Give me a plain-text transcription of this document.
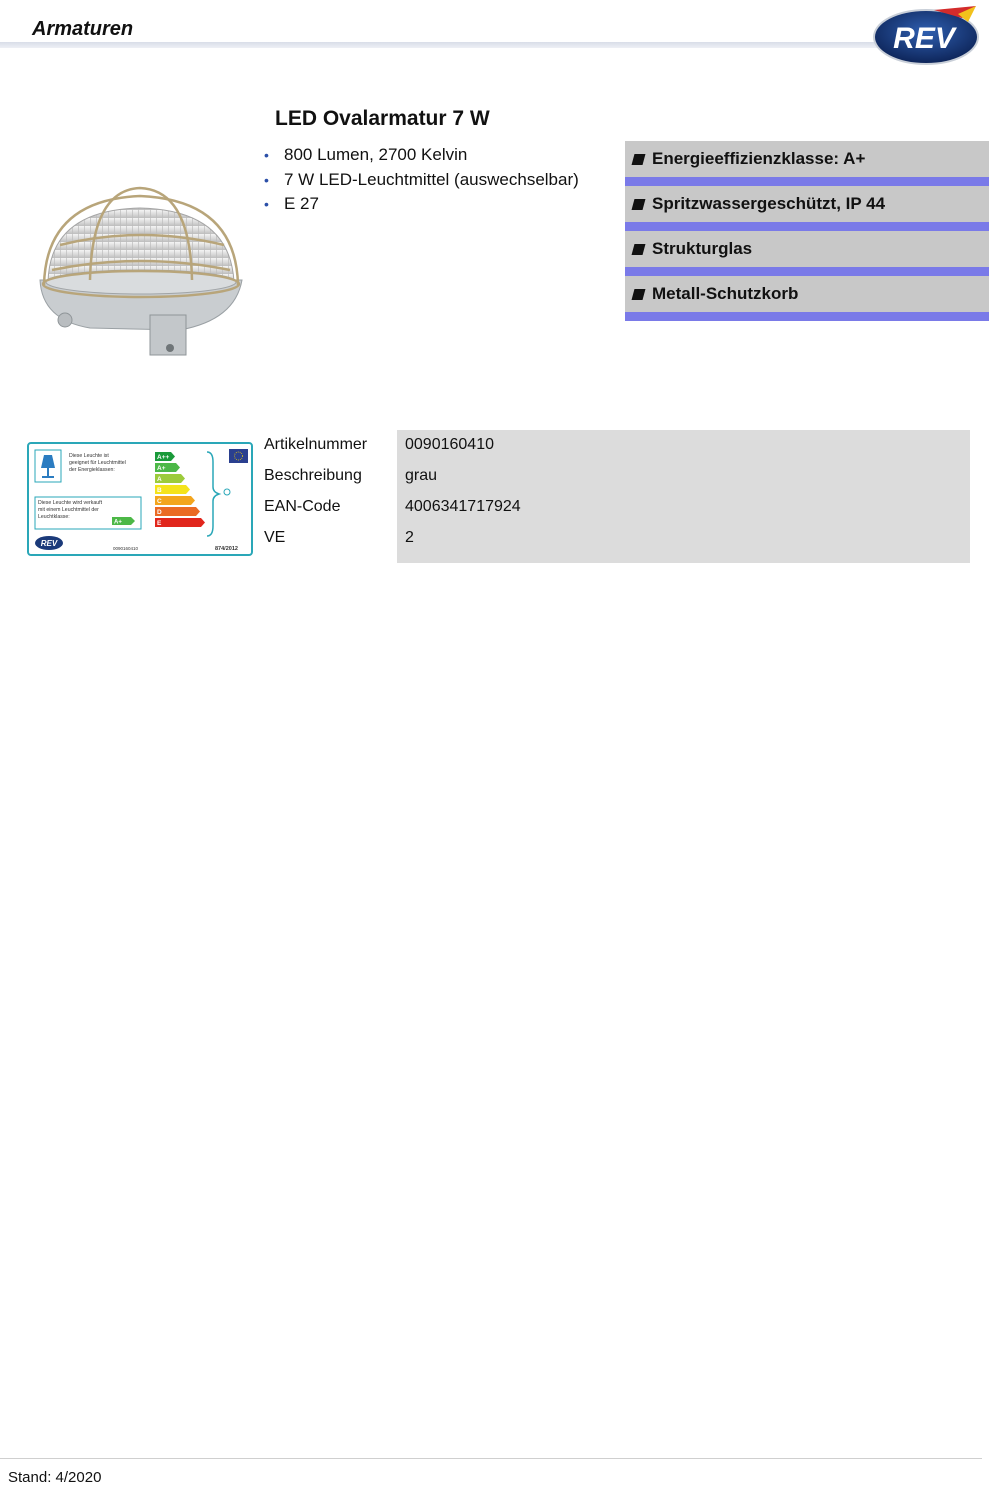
Armaturen	REV
LED Ovalarmatur 7 W
• 800 Lumen, 2700 Kelvin
• 7 W LED-Leuchtmittel (auswechselbar)
• E 27
Energieeffizienzklasse: A+
Spritzwassergeschützt, IP 44
Strukturglas
Metall-Schutzkorb
Diese Leuchte ist geeignet für Leuchtmittel der Energieklassen:
Diese Leuchte wird verkauft mit einem Leuchtmittel der Leuchtklasse:
A+
A++
A+
A
B
C
D
E
REV
0090160410	874/2012
Artikelnummer 0090160410
Beschreibung	grau
EAN-Code	4006341717924
VE	2
Stand: 4/2020
